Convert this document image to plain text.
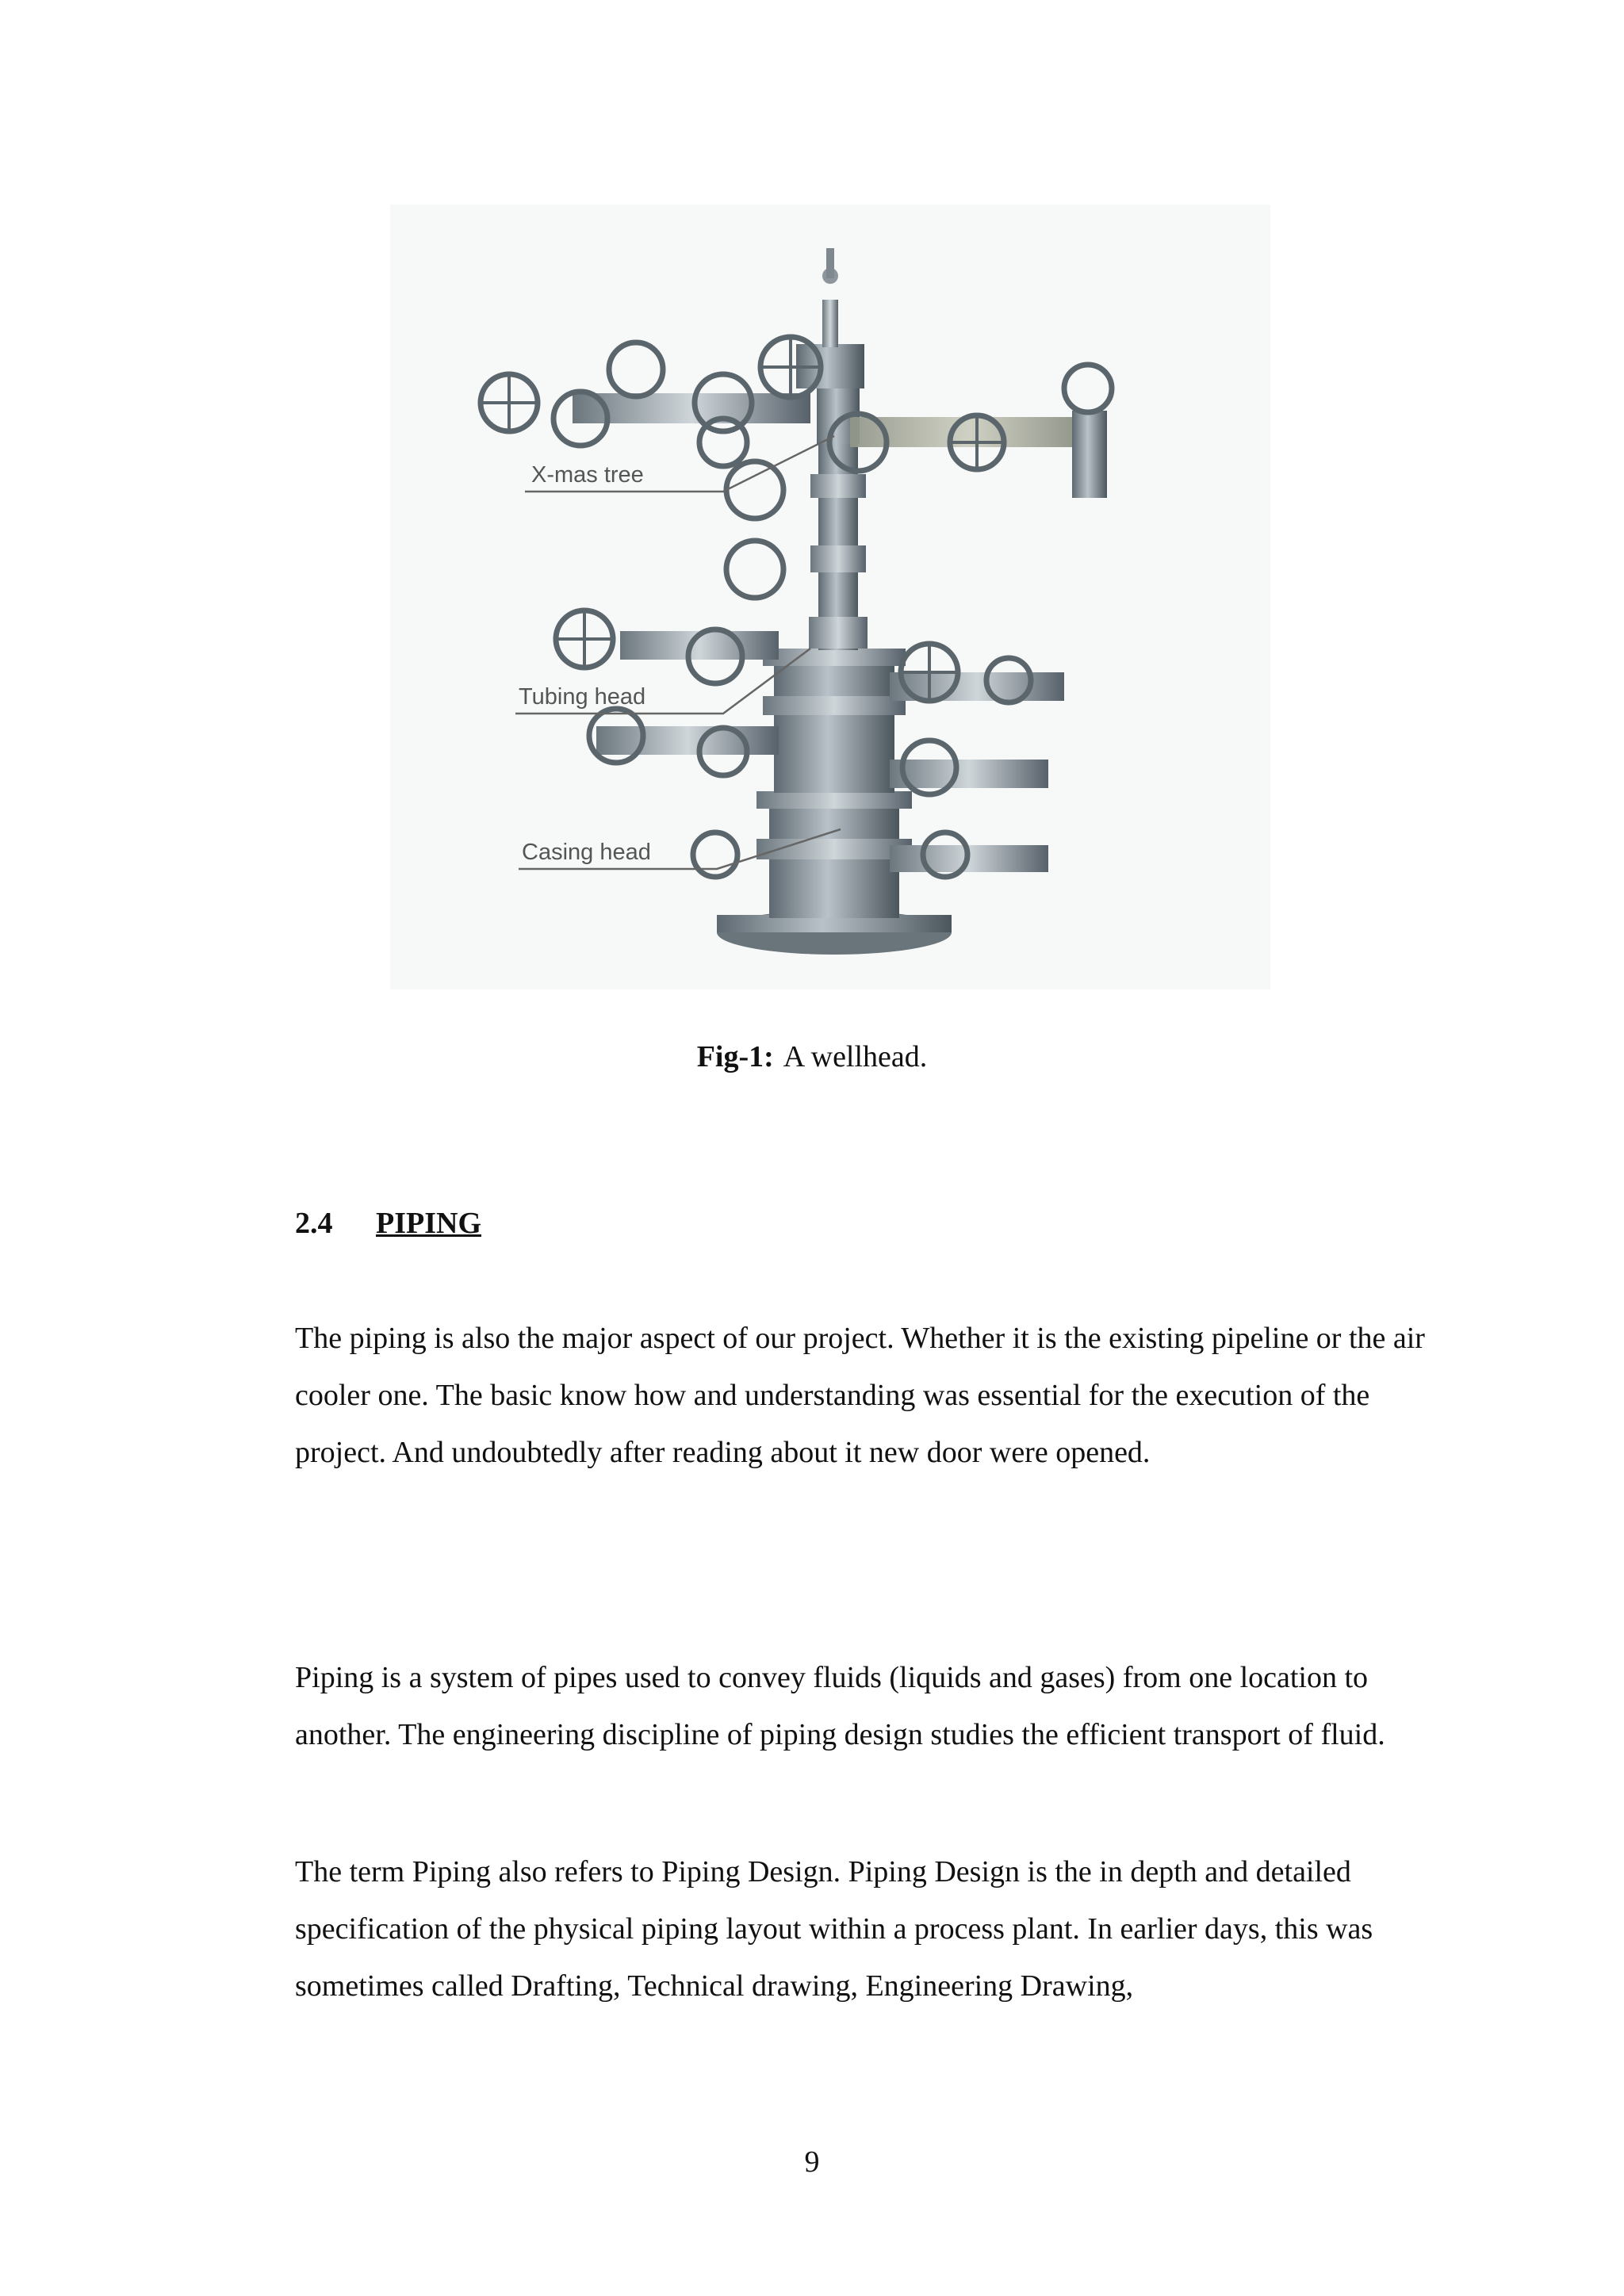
X-mas tree
Tubing head
Casing head
Fig-1: A wellhead.
2.4 PIPING

The piping is also the major aspect of our project. Whether it is the existing pipeline or the air cooler one. The basic know how and understanding was essential for the execution of the project. And undoubtedly after reading about it new door were opened.

Piping is a system of pipes used to convey fluids (liquids and gases) from one location to another. The engineering discipline of piping design studies the efficient transport of fluid.

The term Piping also refers to Piping Design. Piping Design is the in depth and detailed specification of the physical piping layout within a process plant. In earlier days, this was sometimes called Drafting, Technical drawing, Engineering Drawing,

9
